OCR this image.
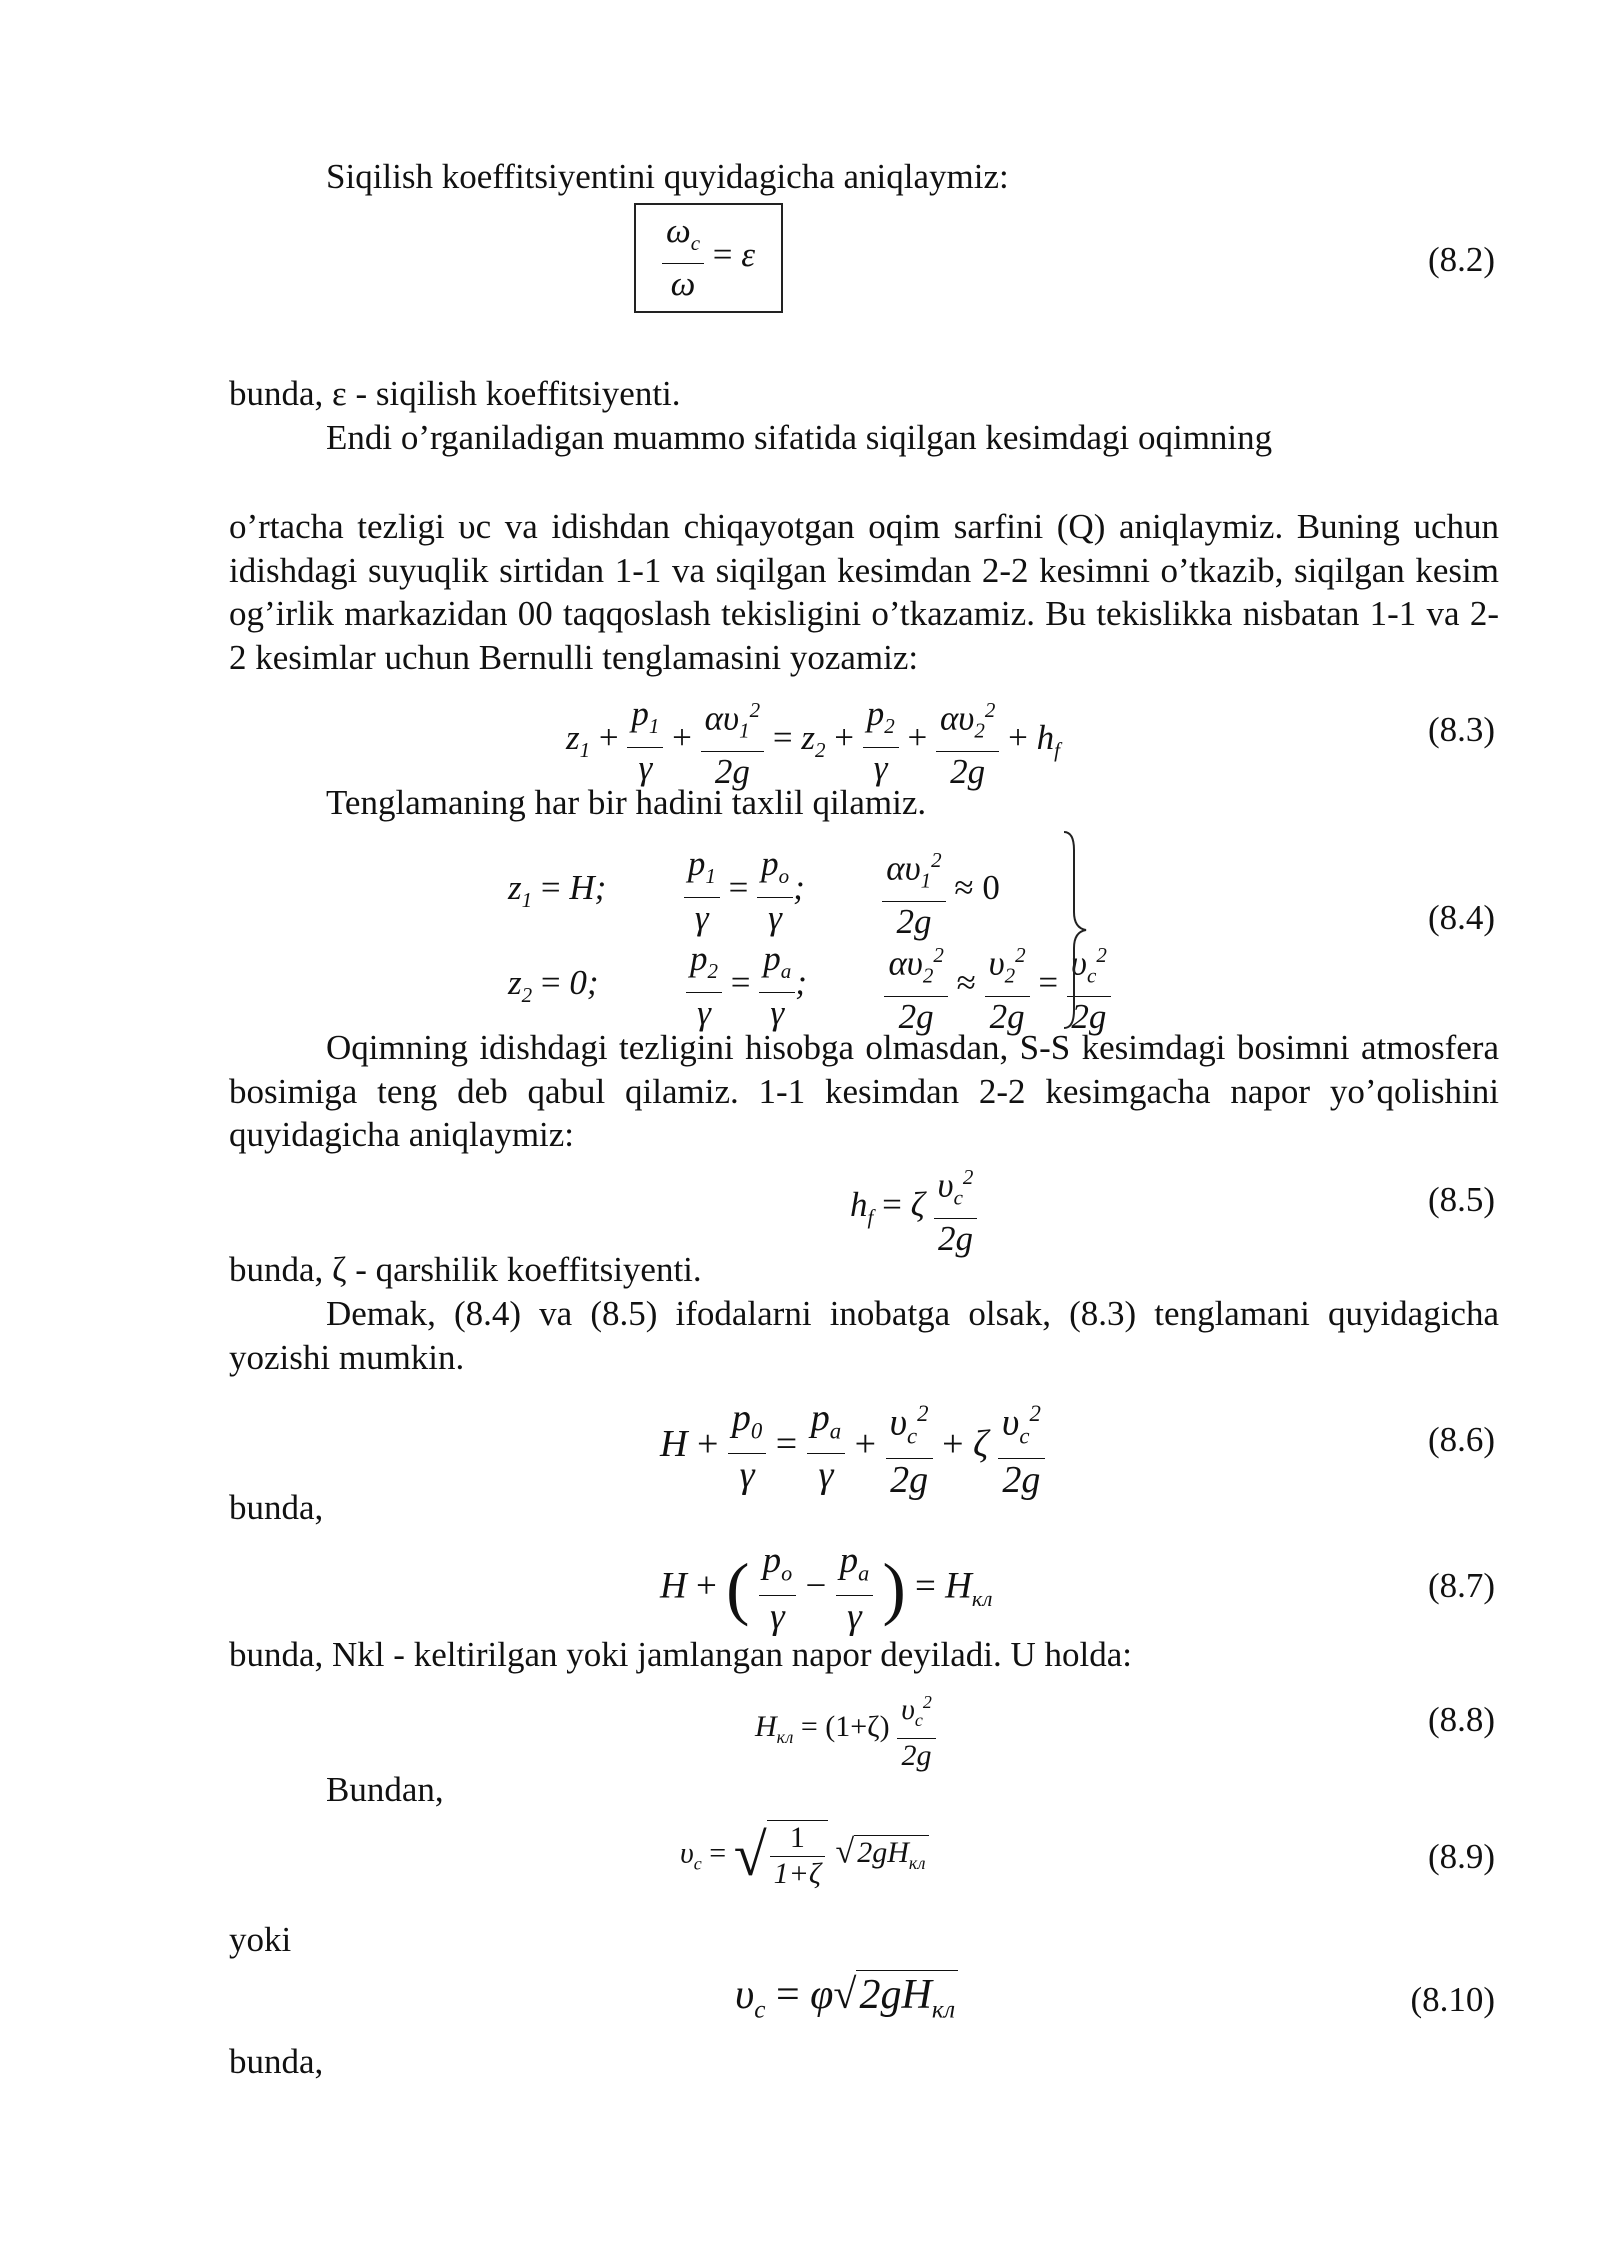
Siqilish koeffitsiyentini quyidagicha aniqlaymiz:

$\frac{\omega_c}{\omega} = \varepsilon$	(8.2)

bunda, ε - siqilish koeffitsiyenti.

Endi o’rganiladigan muammo sifatida siqilgan kesimdagi oqimning

o’rtacha tezligi υc va idishdan chiqayotgan oqim sarfini (Q) aniqlaymiz. Buning uchun idishdagi suyuqlik sirtidan 1-1 va siqilgan kesimdan 2-2 kesimni o’tkazib, siqilgan kesim og’irlik markazidan 00 taqqoslash tekisligini o’tkazamiz. Bu tekislikka nisbatan 1-1 va 2-2 kesimlar uchun Bernulli tenglamasini yozamiz:

$z_1 + \frac{p_1}{\gamma} + \frac{\alpha\upsilon_1^2}{2g} = z_2 + \frac{p_2}{\gamma} + \frac{\alpha\upsilon_2^2}{2g} + h_f$
(8.3)

Tenglamaning har bir hadini taxlil qilamiz.

$z_1 = H$; $\frac{p_1}{\gamma} = \frac{p_o}{\gamma}$ ; $\frac{\alpha\upsilon_1^2}{2g} \approx 0$
$z_2 = 0$; $\frac{p_2}{\gamma} = \frac{p_a}{\gamma}$ ; $\frac{\alpha\upsilon_2^2}{2g} \approx \frac{\upsilon_2^2}{2g} = \frac{\upsilon_c^2}{2g}$
(8.4)

Oqimning idishdagi tezligini hisobga olmasdan, S-S kesimdagi bosimni atmosfera bosimiga teng deb qabul qilamiz. 1-1 kesimdan 2-2 kesimgacha napor yo’qolishini quyidagicha aniqlaymiz:

$h_f = \zeta \frac{\upsilon_c^2}{2g}$	(8.5)

bunda, ζ - qarshilik koeffitsiyenti.

Demak, (8.4) va (8.5) ifodalarni inobatga olsak, (8.3) tenglamani quyidagicha yozishi mumkin.

$H + \frac{p_0}{\gamma} = \frac{p_a}{\gamma} + \frac{\upsilon_c^2}{2g} + \zeta \frac{\upsilon_c^2}{2g}$	(8.6)

bunda,

H + ( $\frac{p_o}{\gamma} - \frac{p_a}{\gamma}$ ) = $H_{кл}$	(8.7)

bunda, Nkl - keltirilgan yoki jamlangan napor deyiladi. U holda:

$H_{кл} = (1+\zeta) \frac{\upsilon_c^2}{2g}$	(8.8)

Bundan,

$\upsilon_c$ = √ $\frac{1}{1+\zeta}$ √ $2gH_{кл}$	(8.9)

yoki

$\upsilon_c = \varphi√2gH_{кл}$	(8.10)

bunda,
